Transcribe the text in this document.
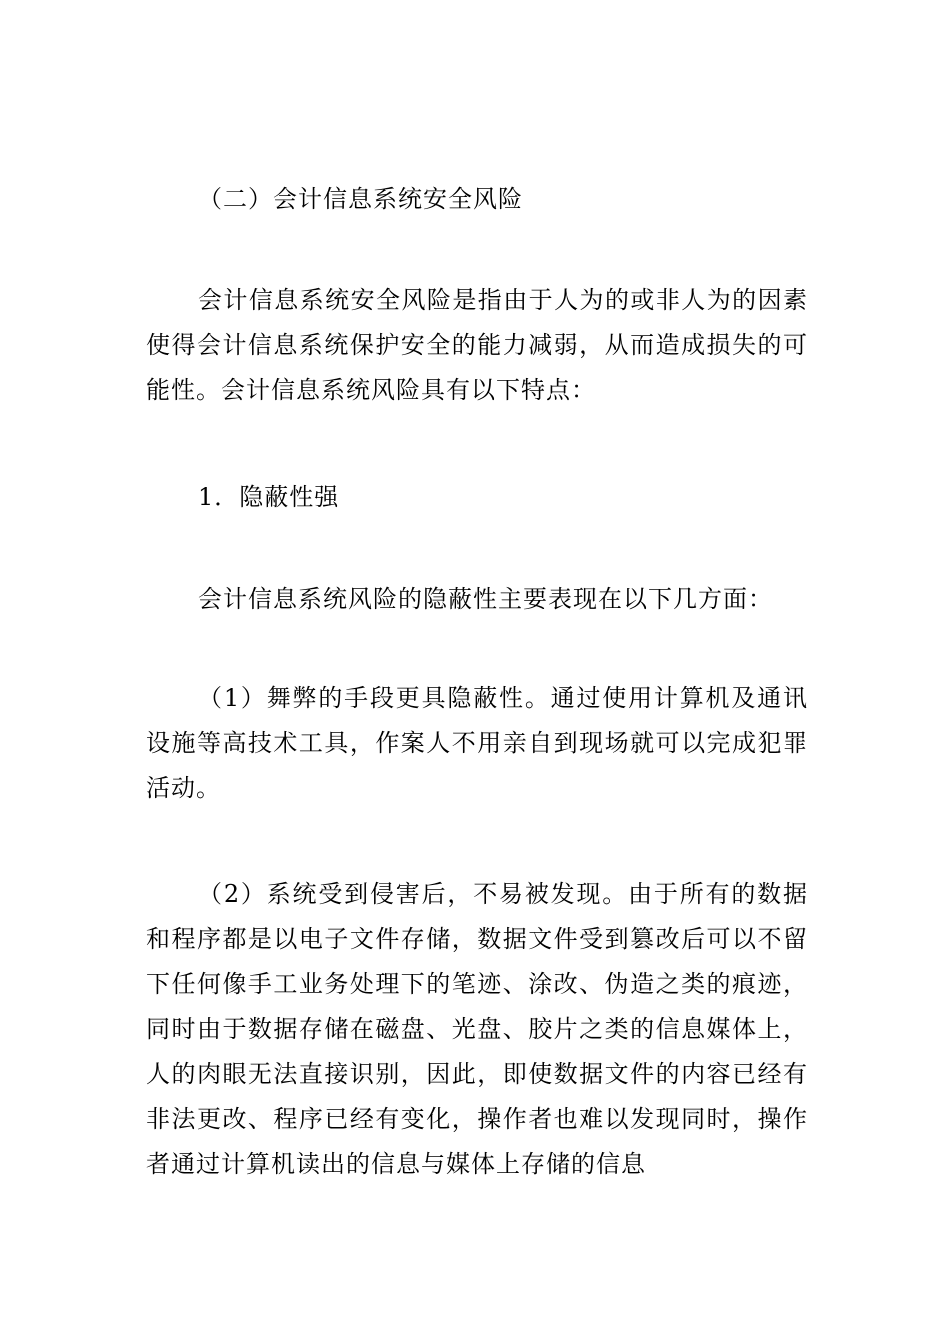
（二）会计信息系统安全风险

会计信息系统安全风险是指由于人为的或非人为的因素使得会计信息系统保护安全的能力减弱，从而造成损失的可能性。会计信息系统风险具有以下特点：

1．隐蔽性强

会计信息系统风险的隐蔽性主要表现在以下几方面：

（1）舞弊的手段更具隐蔽性。通过使用计算机及通讯设施等高技术工具，作案人不用亲自到现场就可以完成犯罪活动。

（2）系统受到侵害后，不易被发现。由于所有的数据和程序都是以电子文件存储，数据文件受到篡改后可以不留下任何像手工业务处理下的笔迹、涂改、伪造之类的痕迹，同时由于数据存储在磁盘、光盘、胶片之类的信息媒体上，人的肉眼无法直接识别，因此，即使数据文件的内容已经有非法更改、程序已经有变化，操作者也难以发现同时，操作者通过计算机读出的信息与媒体上存储的信息
